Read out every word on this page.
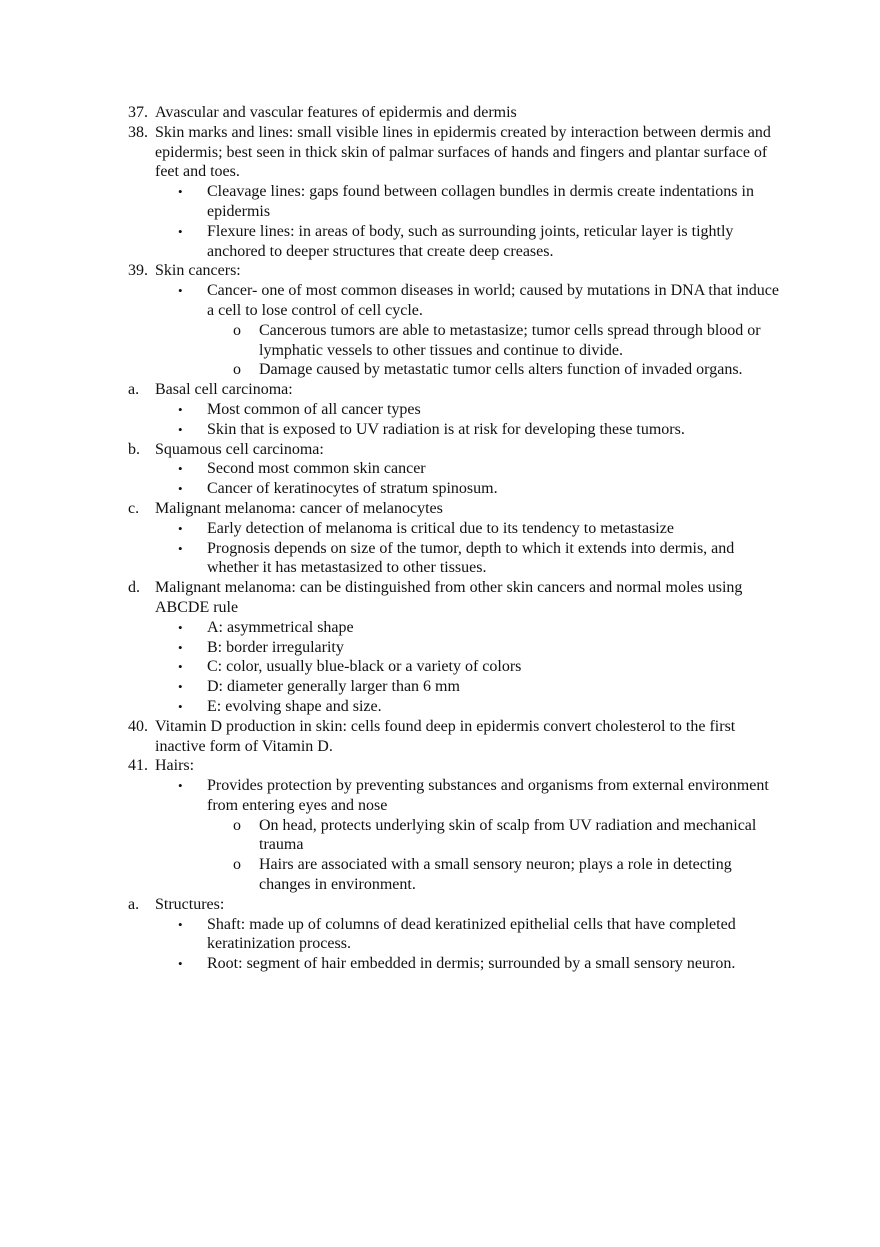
37. Avascular and vascular features of epidermis and dermis
38. Skin marks and lines: small visible lines in epidermis created by interaction between dermis and epidermis; best seen in thick skin of palmar surfaces of hands and fingers and plantar surface of feet and toes.
• Cleavage lines: gaps found between collagen bundles in dermis create indentations in epidermis
• Flexure lines: in areas of body, such as surrounding joints, reticular layer is tightly anchored to deeper structures that create deep creases.
39. Skin cancers:
• Cancer- one of most common diseases in world; caused by mutations in DNA that induce a cell to lose control of cell cycle.
o Cancerous tumors are able to metastasize; tumor cells spread through blood or lymphatic vessels to other tissues and continue to divide.
o Damage caused by metastatic tumor cells alters function of invaded organs.
a. Basal cell carcinoma:
• Most common of all cancer types
• Skin that is exposed to UV radiation is at risk for developing these tumors.
b. Squamous cell carcinoma:
• Second most common skin cancer
• Cancer of keratinocytes of stratum spinosum.
c. Malignant melanoma: cancer of melanocytes
• Early detection of melanoma is critical due to its tendency to metastasize
• Prognosis depends on size of the tumor, depth to which it extends into dermis, and whether it has metastasized to other tissues.
d. Malignant melanoma: can be distinguished from other skin cancers and normal moles using ABCDE rule
• A: asymmetrical shape
• B: border irregularity
• C: color, usually blue-black or a variety of colors
• D: diameter generally larger than 6 mm
• E: evolving shape and size.
40. Vitamin D production in skin: cells found deep in epidermis convert cholesterol to the first inactive form of Vitamin D.
41. Hairs:
• Provides protection by preventing substances and organisms from external environment from entering eyes and nose
o On head, protects underlying skin of scalp from UV radiation and mechanical trauma
o Hairs are associated with a small sensory neuron; plays a role in detecting changes in environment.
a. Structures:
• Shaft: made up of columns of dead keratinized epithelial cells that have completed keratinization process.
• Root: segment of hair embedded in dermis; surrounded by a small sensory neuron.
